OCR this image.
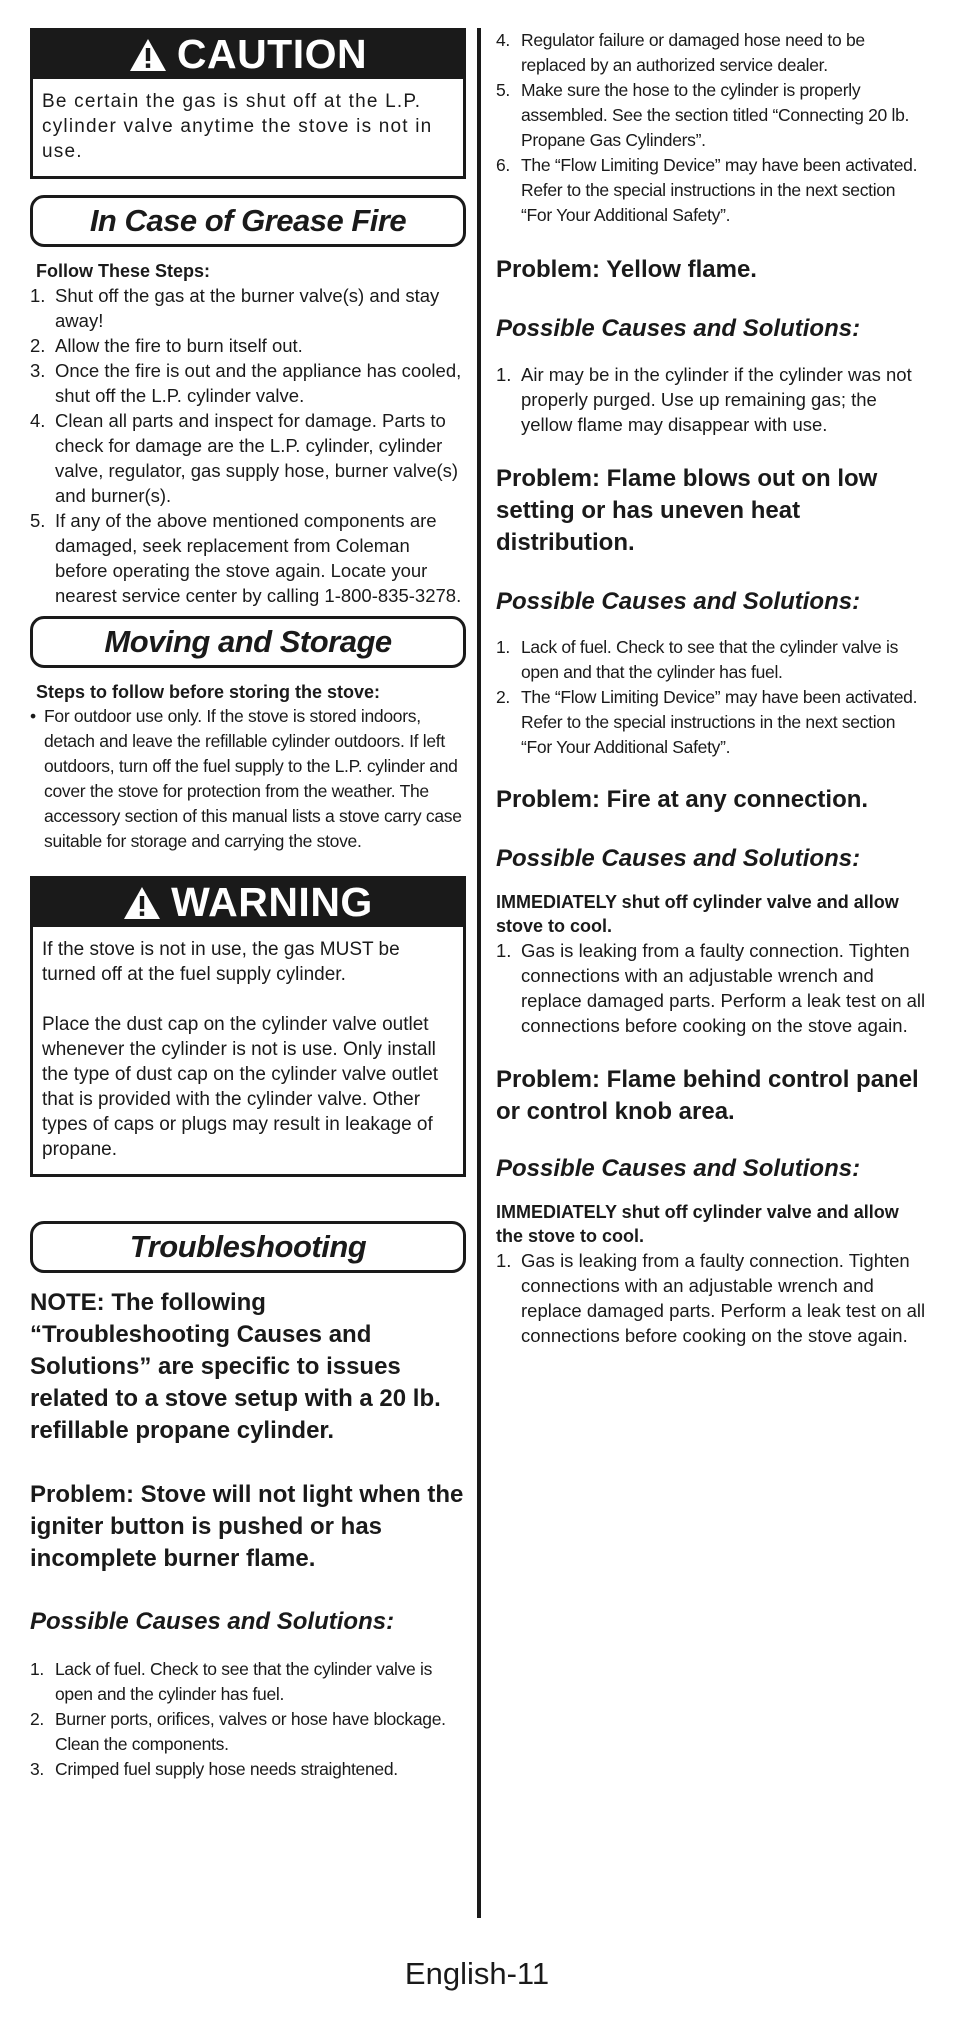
CAUTION
Be certain the gas is shut off at the L.P. cylinder valve anytime the stove is not in use.
In Case of Grease Fire

Follow These Steps:

1. Shut off the gas at the burner valve(s) and stay away!
2. Allow the fire to burn itself out.
3. Once the fire is out and the appliance has cooled, shut off the L.P. cylinder valve.
4. Clean all parts and inspect for damage. Parts to check for damage are the L.P. cylinder, cylinder valve, regulator, gas supply hose, burner valve(s) and burner(s).
5. If any of the above mentioned components are damaged, seek replacement from Coleman before operating the stove again. Locate your nearest service center by calling 1-800-835-3278.
Moving and Storage

Steps to follow before storing the stove:

• For outdoor use only. If the stove is stored indoors, detach and leave the refillable cylinder outdoors. If left outdoors, turn off the fuel supply to the L.P. cylinder and cover the stove for protection from the weather. The accessory section of this manual lists a stove carry case suitable for storage and carrying the stove.
WARNING

If the stove is not in use, the gas MUST be turned off at the fuel supply cylinder.

Place the dust cap on the cylinder valve outlet whenever the cylinder is not is use. Only install the type of dust cap on the cylinder valve outlet that is provided with the cylinder valve. Other types of caps or plugs may result in leakage of propane.

Troubleshooting

NOTE: The following “Troubleshooting Causes and Solutions” are specific to issues related to a stove setup with a 20 lb. refillable propane cylinder.

Problem: Stove will not light when the igniter button is pushed or has incomplete burner flame.

Possible Causes and Solutions:

1. Lack of fuel. Check to see that the cylinder valve is open and the cylinder has fuel.
2. Burner ports, orifices, valves or hose have blockage. Clean the components.
3. Crimped fuel supply hose needs straightened.
4. Regulator failure or damaged hose need to be replaced by an authorized service dealer.
5. Make sure the hose to the cylinder is properly assembled. See the section titled “Connecting 20 lb. Propane Gas Cylinders”.
6. The “Flow Limiting Device” may have been activated. Refer to the special instructions in the next section “For Your Additional Safety”.

Problem: Yellow flame.

Possible Causes and Solutions:

1. Air may be in the cylinder if the cylinder was not properly purged. Use up remaining gas; the yellow flame may disappear with use.

Problem: Flame blows out on low setting or has uneven heat distribution.

Possible Causes and Solutions:

1. Lack of fuel. Check to see that the cylinder valve is open and that the cylinder has fuel.
2. The “Flow Limiting Device” may have been activated. Refer to the special instructions in the next section “For Your Additional Safety”.

Problem: Fire at any connection.

Possible Causes and Solutions:

IMMEDIATELY shut off cylinder valve and allow stove to cool.

1. Gas is leaking from a faulty connection. Tighten connections with an adjustable wrench and replace damaged parts. Perform a leak test on all connections before cooking on the stove again.

Problem: Flame behind control panel or control knob area.

Possible Causes and Solutions:

IMMEDIATELY shut off cylinder valve and allow the stove to cool.

1. Gas is leaking from a faulty connection. Tighten connections with an adjustable wrench and replace damaged parts. Perform a leak test on all connections before cooking on the stove again.
English-11
